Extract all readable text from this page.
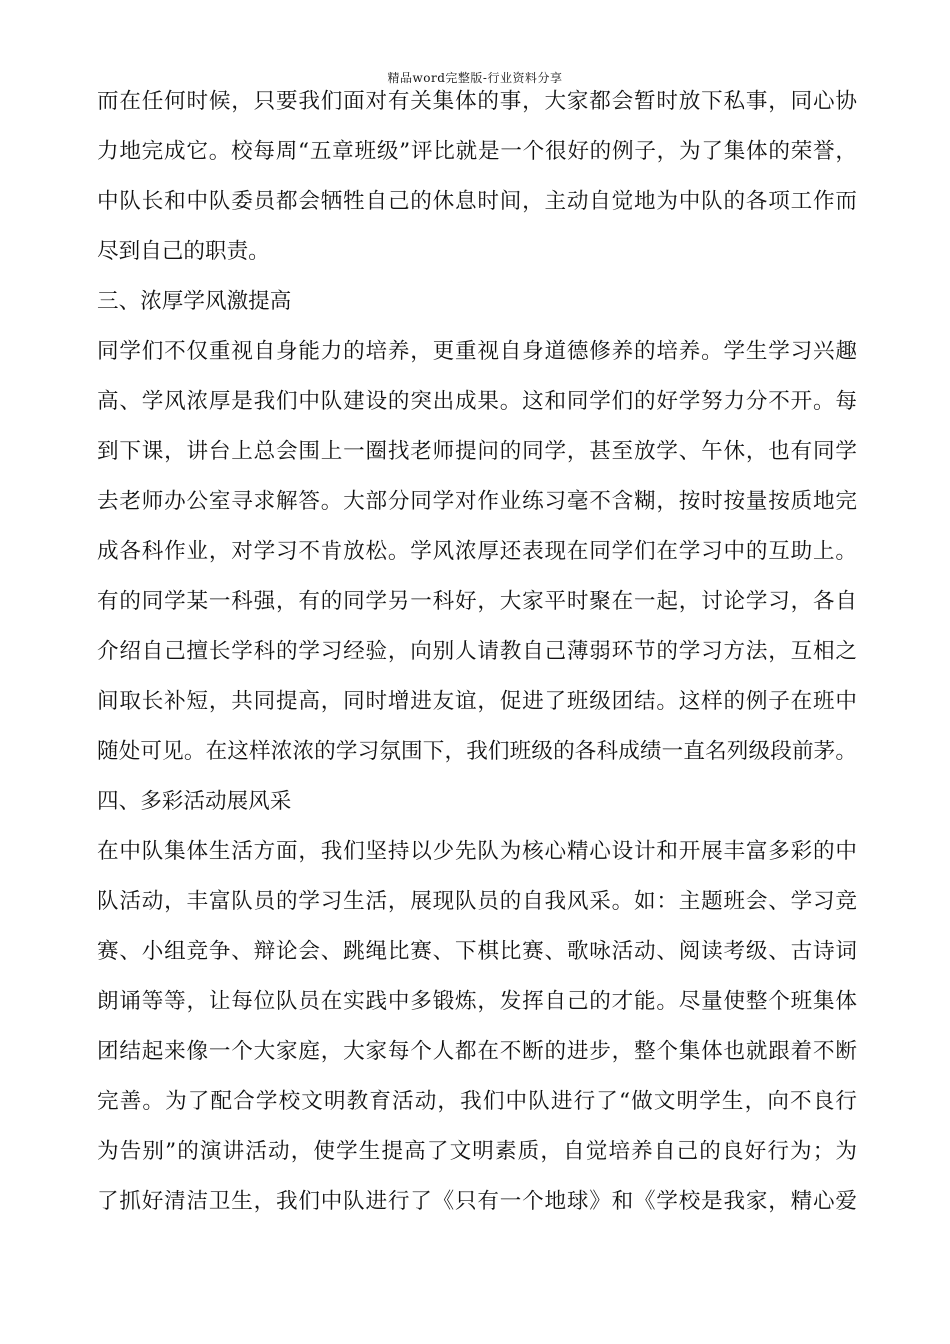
精品word完整版-行业资料分享
而在任何时候，只要我们面对有关集体的事，大家都会暂时放下私事，同心协
力地完成它。校每周“五章班级”评比就是一个很好的例子，为了集体的荣誉，
中队长和中队委员都会牺牲自己的休息时间，主动自觉地为中队的各项工作而
尽到自己的职责。
三、浓厚学风激提高
同学们不仅重视自身能力的培养，更重视自身道德修养的培养。学生学习兴趣
高、学风浓厚是我们中队建设的突出成果。这和同学们的好学努力分不开。每
到下课，讲台上总会围上一圈找老师提问的同学，甚至放学、午休，也有同学
去老师办公室寻求解答。大部分同学对作业练习毫不含糊，按时按量按质地完
成各科作业，对学习不肯放松。学风浓厚还表现在同学们在学习中的互助上。
有的同学某一科强，有的同学另一科好，大家平时聚在一起，讨论学习，各自
介绍自己擅长学科的学习经验，向别人请教自己薄弱环节的学习方法，互相之
间取长补短，共同提高，同时增进友谊，促进了班级团结。这样的例子在班中
随处可见。在这样浓浓的学习氛围下，我们班级的各科成绩一直名列级段前茅。
四、多彩活动展风采
在中队集体生活方面，我们坚持以少先队为核心精心设计和开展丰富多彩的中
队活动，丰富队员的学习生活，展现队员的自我风采。如：主题班会、学习竞
赛、小组竞争、辩论会、跳绳比赛、下棋比赛、歌咏活动、阅读考级、古诗词
朗诵等等，让每位队员在实践中多锻炼，发挥自己的才能。尽量使整个班集体
团结起来像一个大家庭，大家每个人都在不断的进步，整个集体也就跟着不断
完善。为了配合学校文明教育活动，我们中队进行了“做文明学生，向不良行
为告别”的演讲活动，使学生提高了文明素质，自觉培养自己的良好行为；为
了抓好清洁卫生，我们中队进行了《只有一个地球》和《学校是我家，精心爱
